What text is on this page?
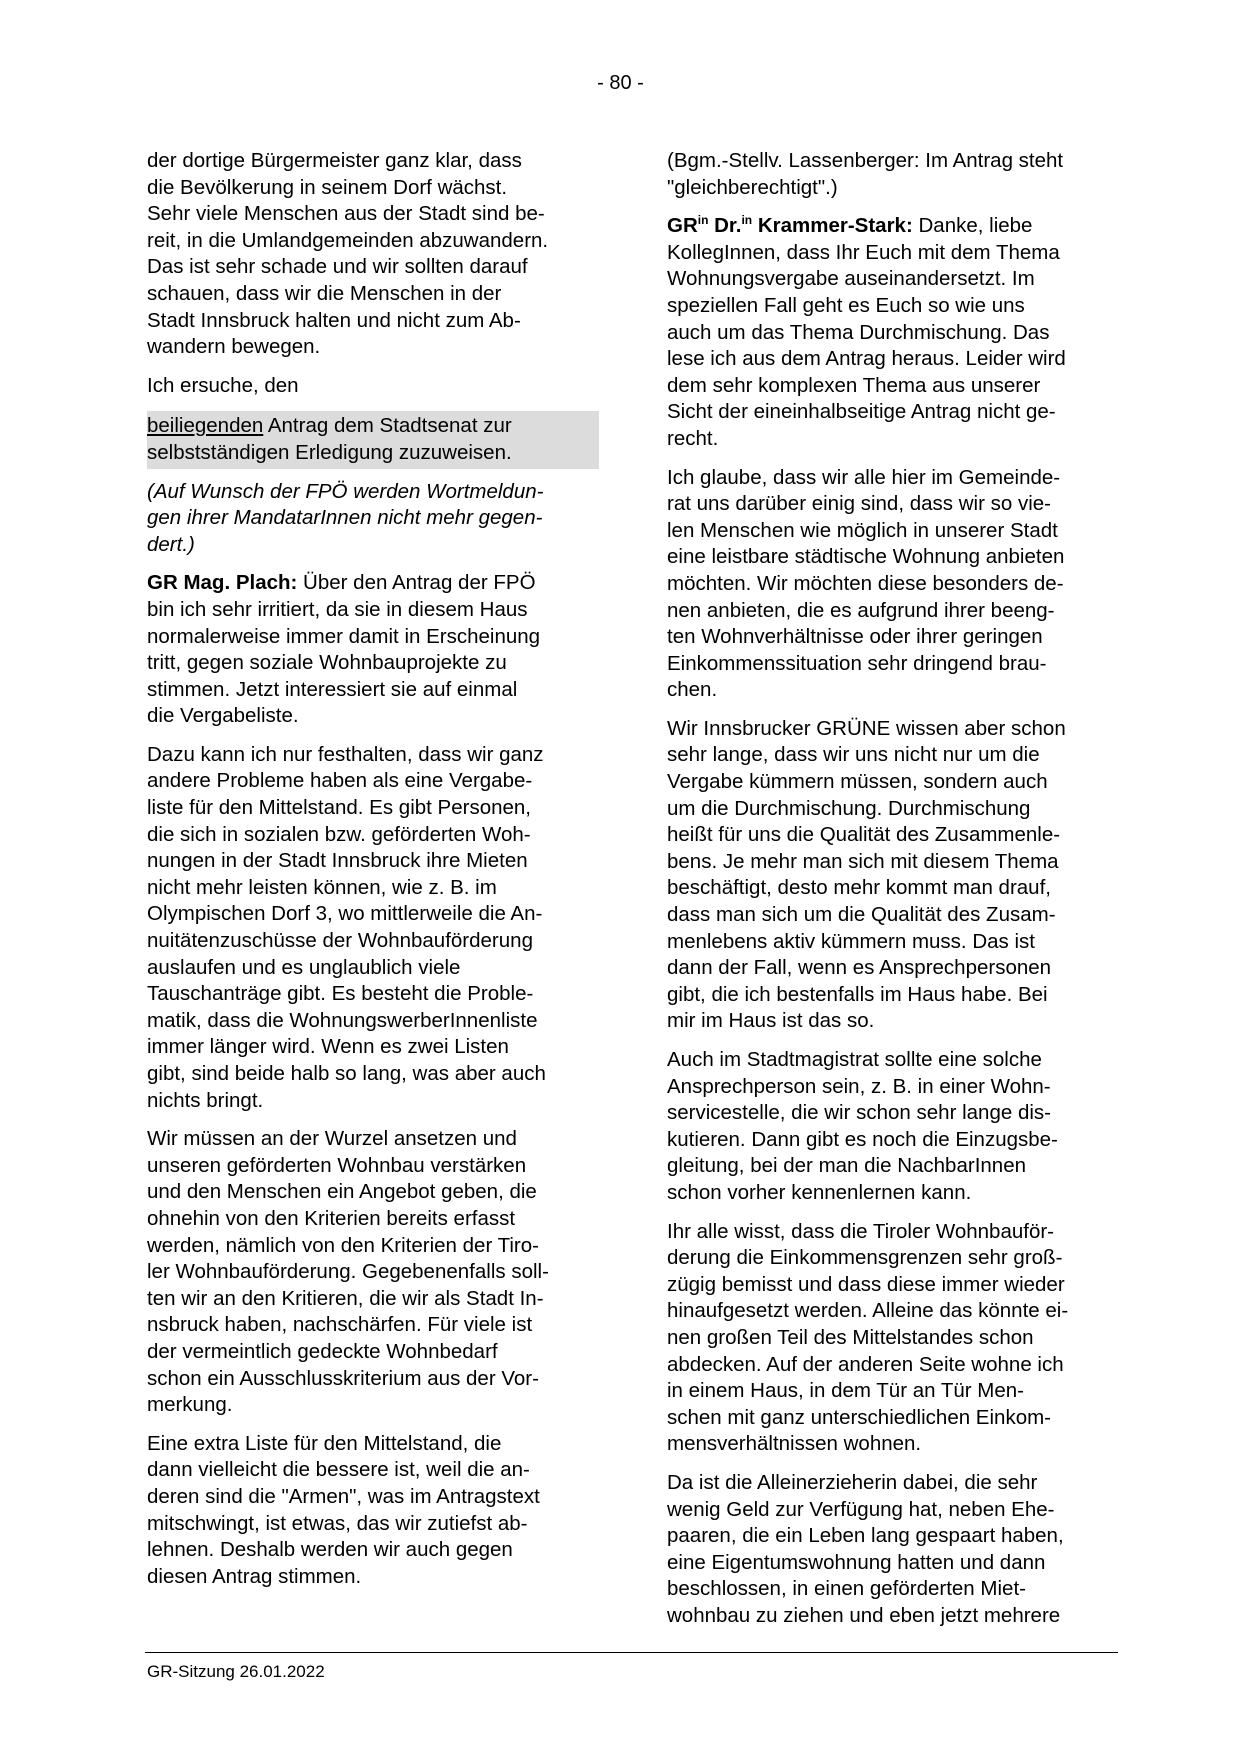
- 80 -

der dortige Bürgermeister ganz klar, dass
die Bevölkerung in seinem Dorf wächst.
Sehr viele Menschen aus der Stadt sind be-
reit, in die Umlandgemeinden abzuwandern.
Das ist sehr schade und wir sollten darauf
schauen, dass wir die Menschen in der
Stadt Innsbruck halten und nicht zum Ab-
wandern bewegen.

Ich ersuche, den

beiliegenden Antrag dem Stadtsenat zur
selbstständigen Erledigung zuzuweisen.

(Auf Wunsch der FPÖ werden Wortmeldun-
gen ihrer MandatarInnen nicht mehr gegen-
dert.)

GR Mag. Plach: Über den Antrag der FPÖ
bin ich sehr irritiert, da sie in diesem Haus
normalerweise immer damit in Erscheinung
tritt, gegen soziale Wohnbauprojekte zu
stimmen. Jetzt interessiert sie auf einmal
die Vergabeliste.

Dazu kann ich nur festhalten, dass wir ganz
andere Probleme haben als eine Vergabe-
liste für den Mittelstand. Es gibt Personen,
die sich in sozialen bzw. geförderten Woh-
nungen in der Stadt Innsbruck ihre Mieten
nicht mehr leisten können, wie z. B. im
Olympischen Dorf 3, wo mittlerweile die An-
nuitätenzuschüsse der Wohnbauförderung
auslaufen und es unglaublich viele
Tauschanträge gibt. Es besteht die Proble-
matik, dass die WohnungswerberInnenliste
immer länger wird. Wenn es zwei Listen
gibt, sind beide halb so lang, was aber auch
nichts bringt.

Wir müssen an der Wurzel ansetzen und
unseren geförderten Wohnbau verstärken
und den Menschen ein Angebot geben, die
ohnehin von den Kriterien bereits erfasst
werden, nämlich von den Kriterien der Tiro-
ler Wohnbauförderung. Gegebenenfalls soll-
ten wir an den Kritieren, die wir als Stadt In-
nsbruck haben, nachschärfen. Für viele ist
der vermeintlich gedeckte Wohnbedarf
schon ein Ausschlusskriterium aus der Vor-
merkung.

Eine extra Liste für den Mittelstand, die
dann vielleicht die bessere ist, weil die an-
deren sind die "Armen", was im Antragstext
mitschwingt, ist etwas, das wir zutiefst ab-
lehnen. Deshalb werden wir auch gegen
diesen Antrag stimmen.

(Bgm.-Stellv. Lassenberger: Im Antrag steht
"gleichberechtigt".)

$GR^{in}$ Dr.$^{in}$ Krammer-Stark: Danke, liebe
KollegInnen, dass Ihr Euch mit dem Thema
Wohnungsvergabe auseinandersetzt. Im
speziellen Fall geht es Euch so wie uns
auch um das Thema Durchmischung. Das
lese ich aus dem Antrag heraus. Leider wird
dem sehr komplexen Thema aus unserer
Sicht der eineinhalbseitige Antrag nicht ge-
recht.

Ich glaube, dass wir alle hier im Gemeinde-
rat uns darüber einig sind, dass wir so vie-
len Menschen wie möglich in unserer Stadt
eine leistbare städtische Wohnung anbieten
möchten. Wir möchten diese besonders de-
nen anbieten, die es aufgrund ihrer beeng-
ten Wohnverhältnisse oder ihrer geringen
Einkommenssituation sehr dringend brau-
chen.

Wir Innsbrucker GRÜNE wissen aber schon
sehr lange, dass wir uns nicht nur um die
Vergabe kümmern müssen, sondern auch
um die Durchmischung. Durchmischung
heißt für uns die Qualität des Zusammenle-
bens. Je mehr man sich mit diesem Thema
beschäftigt, desto mehr kommt man drauf,
dass man sich um die Qualität des Zusam-
menlebens aktiv kümmern muss. Das ist
dann der Fall, wenn es Ansprechpersonen
gibt, die ich bestenfalls im Haus habe. Bei
mir im Haus ist das so.

Auch im Stadtmagistrat sollte eine solche
Ansprechperson sein, z. B. in einer Wohn-
servicestelle, die wir schon sehr lange dis-
kutieren. Dann gibt es noch die Einzugsbe-
gleitung, bei der man die NachbarInnen
schon vorher kennenlernen kann.

Ihr alle wisst, dass die Tiroler Wohnbauför-
derung die Einkommensgrenzen sehr groß-
zügig bemisst und dass diese immer wieder
hinaufgesetzt werden. Alleine das könnte ei-
nen großen Teil des Mittelstandes schon
abdecken. Auf der anderen Seite wohne ich
in einem Haus, in dem Tür an Tür Men-
schen mit ganz unterschiedlichen Einkom-
mensverhältnissen wohnen.

Da ist die Alleinerzieherin dabei, die sehr
wenig Geld zur Verfügung hat, neben Ehe-
paaren, die ein Leben lang gespaart haben,
eine Eigentumswohnung hatten und dann
beschlossen, in einen geförderten Miet-
wohnbau zu ziehen und eben jetzt mehrere

GR-Sitzung 26.01.2022
